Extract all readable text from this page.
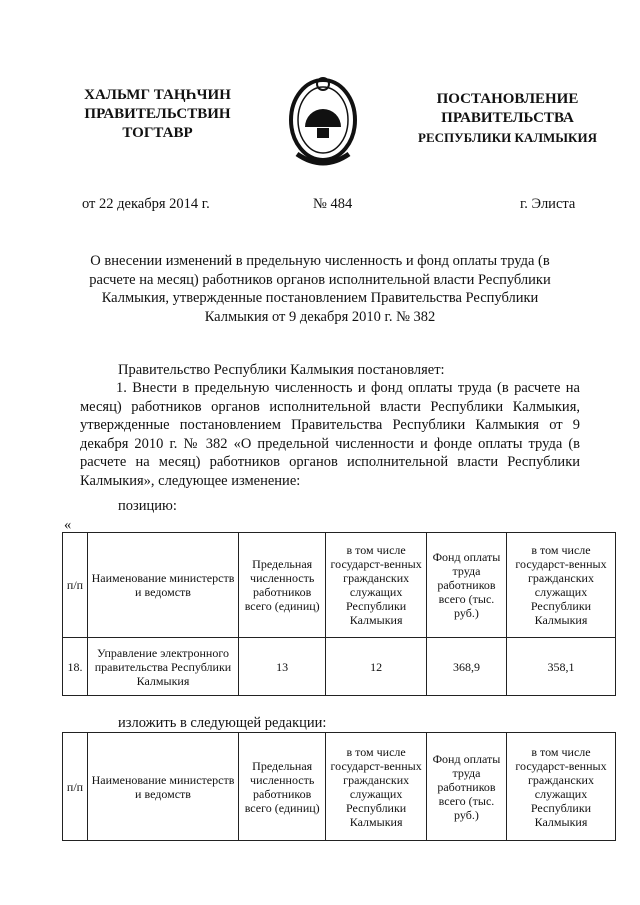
ХАЛЬМГ ТАҢҺЧИН
ПРАВИТЕЛЬСТВИН
ТОГТАВР
ПОСТАНОВЛЕНИЕ
ПРАВИТЕЛЬСТВА
РЕСПУБЛИКИ КАЛМЫКИЯ
от 22 декабря 2014 г.	№ 484	г. Элиста
О внесении изменений в предельную численность и фонд оплаты труда (в
расчете на месяц) работников органов исполнительной власти Республики
Калмыкия, утвержденные постановлением Правительства Республики
Калмыкия от 9 декабря 2010 г. № 382
Правительство Республики Калмыкия постановляет:
1. Внести в предельную численность и фонд оплаты труда (в расчете на месяц) работников органов исполнительной власти Республики Калмыкия, утвержденные постановлением Правительства Республики Калмыкия от 9 декабря 2010 г. № 382 «О предельной численности и фонде оплаты труда (в расчете на месяц) работников органов исполнительной власти Республики Калмыкия», следующее изменение:
позицию:
«
п/п	Наименование министерств и ведомств	Предельная численность работников всего (единиц)	в том числе государст-венных гражданских служащих Республики Калмыкия	Фонд оплаты труда работников всего (тыс. руб.)	в том числе государст-венных гражданских служащих Республики Калмыкия
18.	Управление электронного правительства Республики Калмыкия	13	12	368,9	358,1
изложить в следующей редакции:
п/п	Наименование министерств и ведомств	Предельная численность работников всего (единиц)	в том числе государст-венных гражданских служащих Республики Калмыкия	Фонд оплаты труда работников всего (тыс. руб.)	в том числе государст-венных гражданских служащих Республики Калмыкия
